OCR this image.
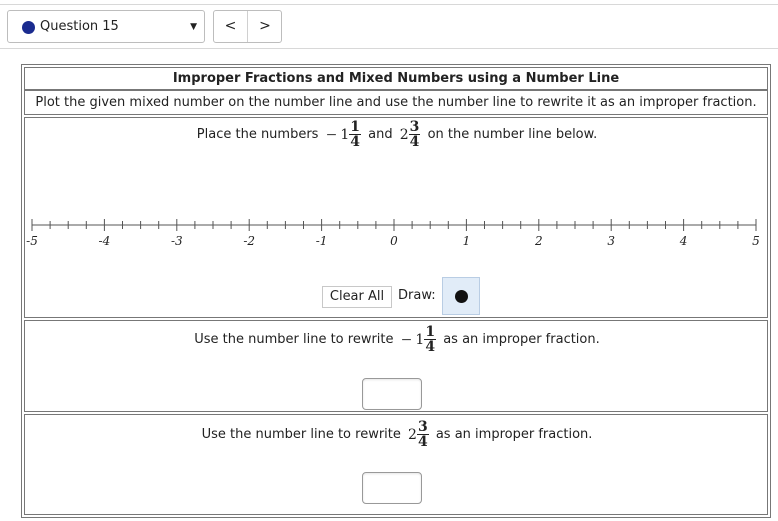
Question 15	▼	<	>
Improper Fractions and Mixed Numbers using a Number Line
Plot the given mixed number on the number line and use the number line to rewrite it as an improper fraction.
Place the numbers − $1 \frac{1}{4}$ and $2 \frac{3}{4}$ on the number line below.
-5	-4	-3	-2	-1	0	1	2	3	4	5
Clear All	Draw:
Use the number line to rewrite − $1 \frac{1}{4}$ as an improper fraction.
Use the number line to rewrite $2 \frac{3}{4}$ as an improper fraction.
